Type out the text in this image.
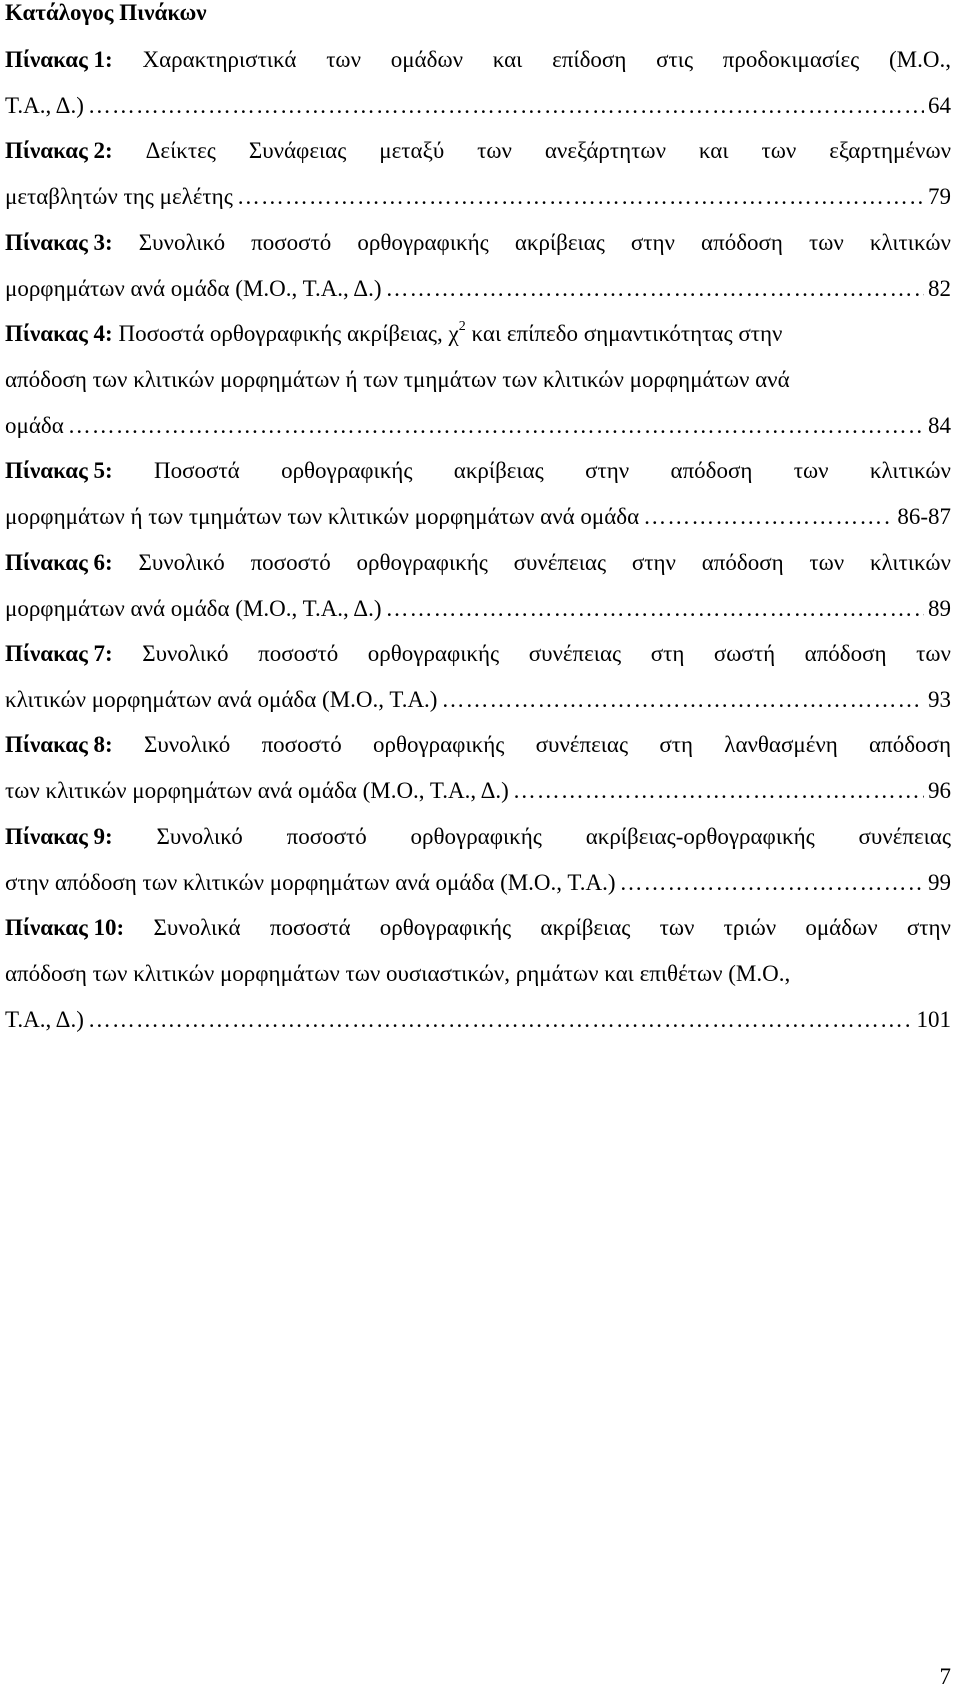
Κατάλογος Πινάκων
Πίνακας 1: Χαρακτηριστικά των ομάδων και επίδοση στις προδοκιμασίες (Μ.Ο.,
Τ.Α., Δ.) ………………………………………………………………………………………………………………………………………………	64
Πίνακας 2: Δείκτες Συνάφειας μεταξύ των ανεξάρτητων και των εξαρτημένων
μεταβλητών της μελέτης ………………………………………………………………………………………………………………………………………………	79
Πίνακας 3: Συνολικό ποσοστό ορθογραφικής ακρίβειας στην απόδοση των κλιτικών
μορφημάτων ανά ομάδα (Μ.Ο., Τ.Α., Δ.) ………………………………………………………………………………………………………………………………………………	82
Πίνακας 4: Ποσοστά ορθογραφικής ακρίβειας, $\chi^2$ και επίπεδο σημαντικότητας στην
απόδοση των κλιτικών μορφημάτων ή των τμημάτων των κλιτικών μορφημάτων ανά
ομάδα ………………………………………………………………………………………………………………………………………………	84
Πίνακας 5: Ποσοστά ορθογραφικής ακρίβειας στην απόδοση των κλιτικών
μορφημάτων ή των τμημάτων των κλιτικών μορφημάτων ανά ομάδα ………………………………………………………………………………………………………………………………………………	86-87
Πίνακας 6: Συνολικό ποσοστό ορθογραφικής συνέπειας στην απόδοση των κλιτικών
μορφημάτων ανά ομάδα (Μ.Ο., Τ.Α., Δ.) ………………………………………………………………………………………………………………………………………………	89
Πίνακας 7: Συνολικό ποσοστό ορθογραφικής συνέπειας στη σωστή απόδοση των
κλιτικών μορφημάτων ανά ομάδα (Μ.Ο., Τ.Α.) ………………………………………………………………………………………………………………………………………………	93
Πίνακας 8: Συνολικό ποσοστό ορθογραφικής συνέπειας στη λανθασμένη απόδοση
των κλιτικών μορφημάτων ανά ομάδα (Μ.Ο., Τ.Α., Δ.) ………………………………………………………………………………………………………………………………………………	96
Πίνακας 9: Συνολικό ποσοστό ορθογραφικής ακρίβειας-ορθογραφικής συνέπειας
στην απόδοση των κλιτικών μορφημάτων ανά ομάδα (Μ.Ο., Τ.Α.) ………………………………………………………………………………………………………………………………………………	99
Πίνακας 10: Συνολικά ποσοστά ορθογραφικής ακρίβειας των τριών ομάδων στην
απόδοση των κλιτικών μορφημάτων των ουσιαστικών, ρημάτων και επιθέτων (Μ.Ο.,
Τ.Α., Δ.) ………………………………………………………………………………………………………………………………………………	101
7
